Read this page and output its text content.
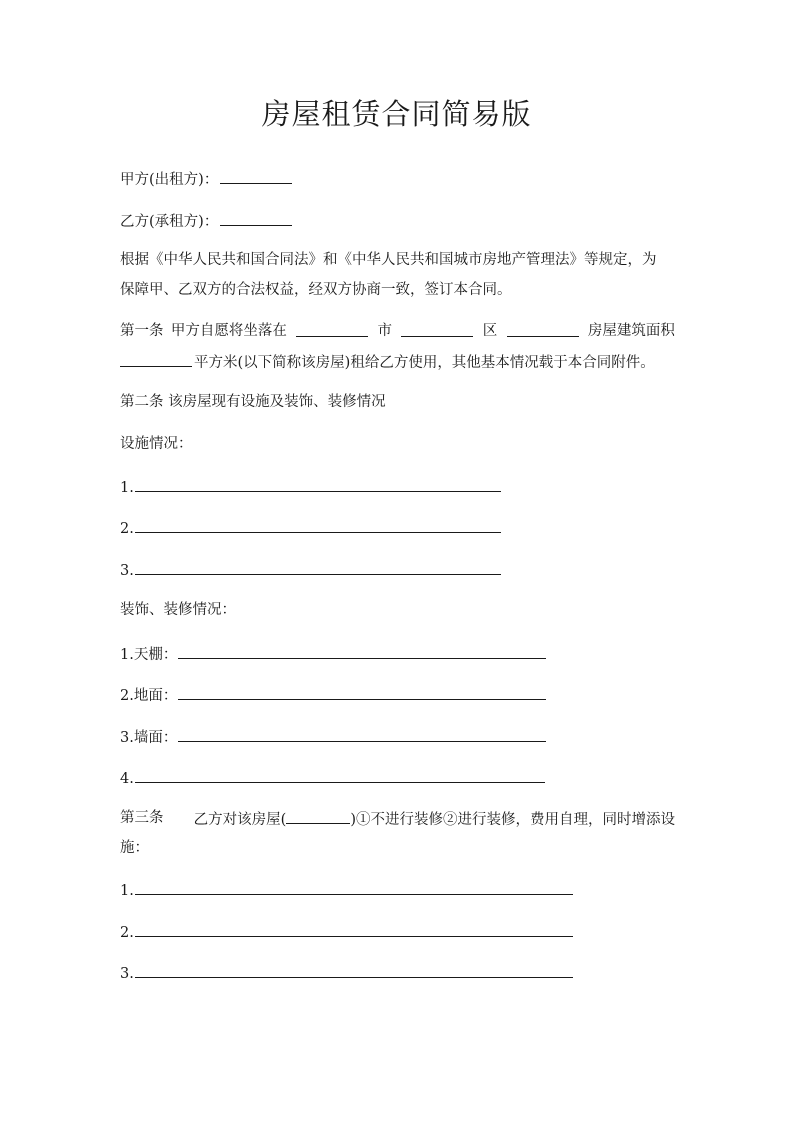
房屋租赁合同简易版
甲方(出租方)：
乙方(承租方)：
根据《中华人民共和国合同法》和《中华人民共和国城市房地产管理法》等规定，为
保障甲、乙双方的合法权益，经双方协商一致，签订本合同。
第一条 甲方自愿将坐落在	市	区	房屋建筑面积
平方米(以下简称该房屋)租给乙方使用，其他基本情况载于本合同附件。
第二条 该房屋现有设施及装饰、装修情况
设施情况：
1.
2.
3.
装饰、装修情况：
1.天棚：
2.地面：
3.墙面：
4.
第三条 乙方对该房屋(	)①不进行装修②进行装修，费用自理，同时增添设
施：
1.
2.
3.
